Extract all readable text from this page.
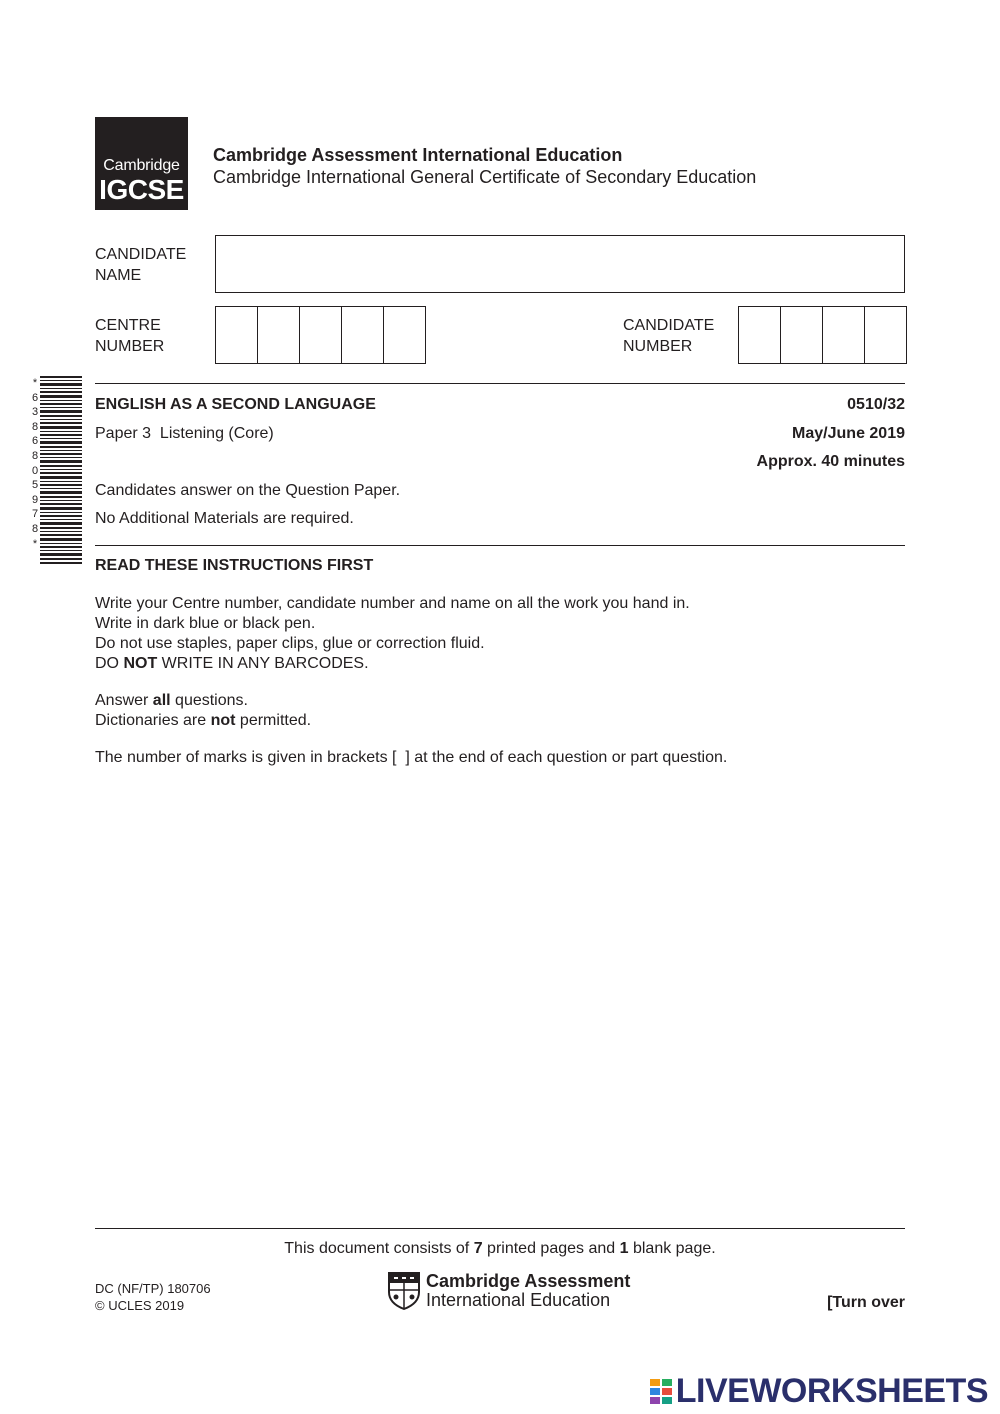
Cambridge
IGCSE
Cambridge Assessment International Education
Cambridge International General Certificate of Secondary Education
CANDIDATE
NAME
CENTRE
NUMBER
CANDIDATE
NUMBER
*
6
3
8
6
8
0
5
9
7
8
*
ENGLISH AS A SECOND LANGUAGE	0510/32
Paper 3  Listening (Core)	May/June 2019
Approx. 40 minutes
Candidates answer on the Question Paper.
No Additional Materials are required.
READ THESE INSTRUCTIONS FIRST
Write your Centre number, candidate number and name on all the work you hand in.
Write in dark blue or black pen.
Do not use staples, paper clips, glue or correction fluid.
DO NOT WRITE IN ANY BARCODES.
Answer all questions.
Dictionaries are not permitted.
The number of marks is given in brackets [  ] at the end of each question or part question.
This document consists of 7 printed pages and 1 blank page.
DC (NF/TP) 180706
© UCLES 2019
Cambridge Assessment
International Education	[Turn over
LIVEWORKSHEETS
